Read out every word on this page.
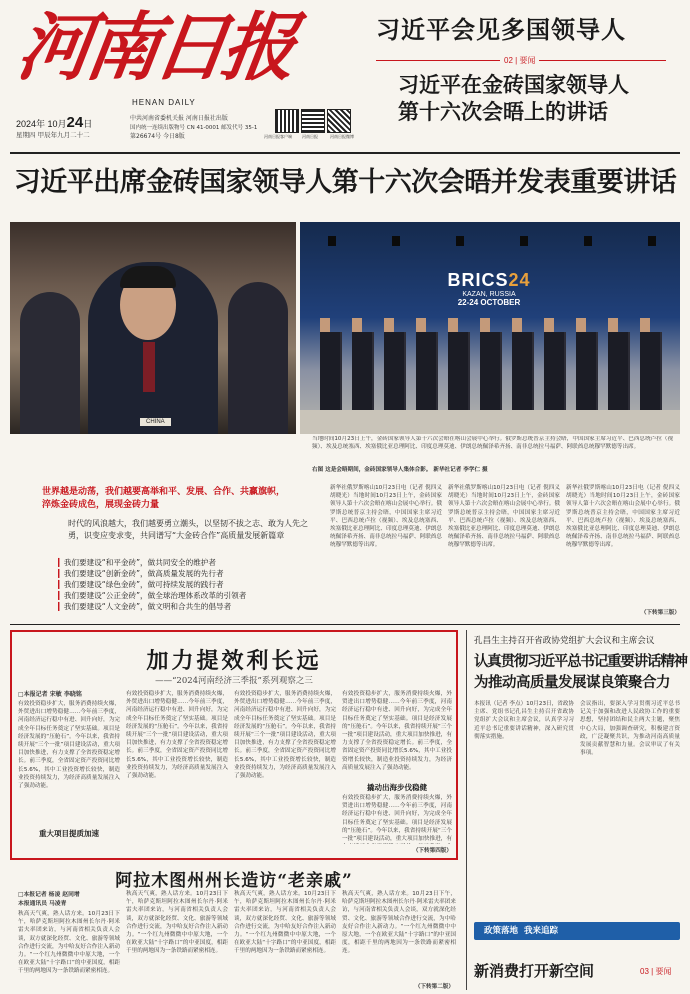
河南日报
HENAN DAILY
2024年 10月24日
星期四 甲辰年九月二十二
中共河南省委机关报 河南日报社出版
国内统一连续出版物号 CN 41-0001 邮发代号 35-1
第26674号 今日8版	河南日报客户端	河南日报	河南日报微博
习近平会见多国领导人
02 | 要闻
习近平在金砖国家领导人
第十六次会晤上的讲话
习近平出席金砖国家领导人第十六次会晤并发表重要讲话
CHINA
BRICS24
KAZAN, RUSSIA
22-24 OCTOBER
当地时间10月23日上午，金砖国家领导人第十六次会晤在喀山会展中心举行。俄罗斯总统普京主持会晤，中国国家主席习近平、巴西总统卢拉（视频）、埃及总统塞西、埃塞俄比亚总理阿比、印度总理莫迪、伊朗总统佩泽希齐扬、南非总统拉马福萨、阿联酋总统穆罕默德等出席。
右图 这是会晤期间，金砖国家领导人集体合影。 新华社记者 李学仁 摄
世界越是动荡，我们越要高举和平、发展、合作、共赢旗帜，
淬炼金砖成色，展现金砖力量
时代的风浪越大，我们越要勇立潮头，以坚韧不拔之志、敢为人先之勇，识变应变求变，共同谱写“大金砖合作”高质量发展新篇章
▎我们要建设“和平金砖”，做共同安全的维护者
▎我们要建设“创新金砖”，做高质量发展的先行者
▎我们要建设“绿色金砖”，做可持续发展的践行者
▎我们要建设“公正金砖”，做全球治理体系改革的引领者
▎我们要建设“人文金砖”，做文明和合共生的倡导者
新华社俄罗斯喀山10月23日电（记者 倪四义 胡晓光）当地时间10月23日上午，金砖国家领导人第十六次会晤在喀山会展中心举行。俄罗斯总统普京主持会晤，中国国家主席习近平、巴西总统卢拉（视频）、埃及总统塞西、埃塞俄比亚总理阿比、印度总理莫迪、伊朗总统佩泽希齐扬、南非总统拉马福萨、阿联酋总统穆罕默德等出席。
新华社俄罗斯喀山10月23日电（记者 倪四义 胡晓光）当地时间10月23日上午，金砖国家领导人第十六次会晤在喀山会展中心举行。俄罗斯总统普京主持会晤，中国国家主席习近平、巴西总统卢拉（视频）、埃及总统塞西、埃塞俄比亚总理阿比、印度总理莫迪、伊朗总统佩泽希齐扬、南非总统拉马福萨、阿联酋总统穆罕默德等出席。
新华社俄罗斯喀山10月23日电（记者 倪四义 胡晓光）当地时间10月23日上午，金砖国家领导人第十六次会晤在喀山会展中心举行。俄罗斯总统普京主持会晤，中国国家主席习近平、巴西总统卢拉（视频）、埃及总统塞西、埃塞俄比亚总理阿比、印度总理莫迪、伊朗总统佩泽希齐扬、南非总统拉马福萨、阿联酋总统穆罕默德等出席。
（下转第三版）
加力提效利长远
——“2024河南经济三季报”系列观察之三
□本报记者 宋敏 李晓铭
有效投资稳步扩大，服务消费持续火爆，外贸进出口增势稳健……今年前三季度，河南经济运行稳中有进、回升向好，为完成全年目标任务奠定了坚实基础。项目是经济发展的“压舱石”。今年以来，我省持续开展“三个一批”项目建设活动，重大项目加快推进，有力支撑了全省投资稳定增长。前三季度，全省固定资产投资同比增长5.6%，其中工业投资增长较快，制造业投资持续发力，为经济高质量发展注入了强劲动能。
重大项目提质加速
有效投资稳步扩大，服务消费持续火爆，外贸进出口增势稳健……今年前三季度，河南经济运行稳中有进、回升向好，为完成全年目标任务奠定了坚实基础。项目是经济发展的“压舱石”。今年以来，我省持续开展“三个一批”项目建设活动，重大项目加快推进，有力支撑了全省投资稳定增长。前三季度，全省固定资产投资同比增长5.6%，其中工业投资增长较快，制造业投资持续发力，为经济高质量发展注入了强劲动能。
有效投资稳步扩大，服务消费持续火爆，外贸进出口增势稳健……今年前三季度，河南经济运行稳中有进、回升向好，为完成全年目标任务奠定了坚实基础。项目是经济发展的“压舱石”。今年以来，我省持续开展“三个一批”项目建设活动，重大项目加快推进，有力支撑了全省投资稳定增长。前三季度，全省固定资产投资同比增长5.6%，其中工业投资增长较快，制造业投资持续发力，为经济高质量发展注入了强劲动能。
有效投资稳步扩大，服务消费持续火爆，外贸进出口增势稳健……今年前三季度，河南经济运行稳中有进、回升向好，为完成全年目标任务奠定了坚实基础。项目是经济发展的“压舱石”。今年以来，我省持续开展“三个一批”项目建设活动，重大项目加快推进，有力支撑了全省投资稳定增长。前三季度，全省固定资产投资同比增长5.6%，其中工业投资增长较快，制造业投资持续发力，为经济高质量发展注入了强劲动能。
撬动出海步伐稳健
有效投资稳步扩大，服务消费持续火爆，外贸进出口增势稳健……今年前三季度，河南经济运行稳中有进、回升向好，为完成全年目标任务奠定了坚实基础。项目是经济发展的“压舱石”。今年以来，我省持续开展“三个一批”项目建设活动，重大项目加快推进，有
（下转第四版）
阿拉木图州州长造访“老亲戚”
□本报记者 杨凌 赵同增
本报通讯员 马凌青
秋高天气爽，熟人话方来。10月23日下午，哈萨克斯坦阿拉木图州长尔丹·阿米雷夫率团来访，与河南省相关负责人会谈，双方就深化经贸、文化、旅游等领域合作进行交流，为中哈友好合作注入新动力。“一个红九州微微中中原大地，一个在欧亚大陆“十字路口”的中亚国度，相距千里的两地因为一条铁路而紧密相连。
秋高天气爽，熟人话方来。10月23日下午，哈萨克斯坦阿拉木图州长尔丹·阿米雷夫率团来访，与河南省相关负责人会谈，双方就深化经贸、文化、旅游等领域合作进行交流，为中哈友好合作注入新动力。“一个红九州微微中中原大地，一个在欧亚大陆“十字路口”的中亚国度，相距千里的两地因为一条铁路而紧密相连。
秋高天气爽，熟人话方来。10月23日下午，哈萨克斯坦阿拉木图州长尔丹·阿米雷夫率团来访，与河南省相关负责人会谈，双方就深化经贸、文化、旅游等领域合作进行交流，为中哈友好合作注入新动力。“一个红九州微微中中原大地，一个在欧亚大陆“十字路口”的中亚国度，相距千里的两地因为一条铁路而紧密相连。
秋高天气爽，熟人话方来。10月23日下午，哈萨克斯坦阿拉木图州长尔丹·阿米雷夫率团来访，与河南省相关负责人会谈，双方就深化经贸、文化、旅游等领域合作进行交流，为中哈友好合作注入新动力。“一个红九州微微中中原大地，一个在欧亚大陆“十字路口”的中亚国度，相距千里的两地因为一条铁路而紧密相连。
（下转第二版）
孔昌生主持召开省政协党组扩大会议和主席会议
认真贯彻习近平总书记重要讲话精神
为推动高质量发展谋良策聚合力
本报讯（记者 李点）10月23日，省政协主席、党组书记孔昌生主持召开省政协党组扩大会议和主席会议，认真学习习近平总书记重要讲话精神，深入研究贯彻落实措施。
会议指出，要深入学习贯彻习近平总书记关于加强和改进人民政协工作的重要思想，坚持团结和民主两大主题，聚焦中心大局，加强调查研究，积极建言资政，广泛凝聚共识，为推动河南高质量发展贡献智慧和力量。会议审议了有关事项。
政策落地 我来追踪
新消费打开新空间	03 | 要闻
